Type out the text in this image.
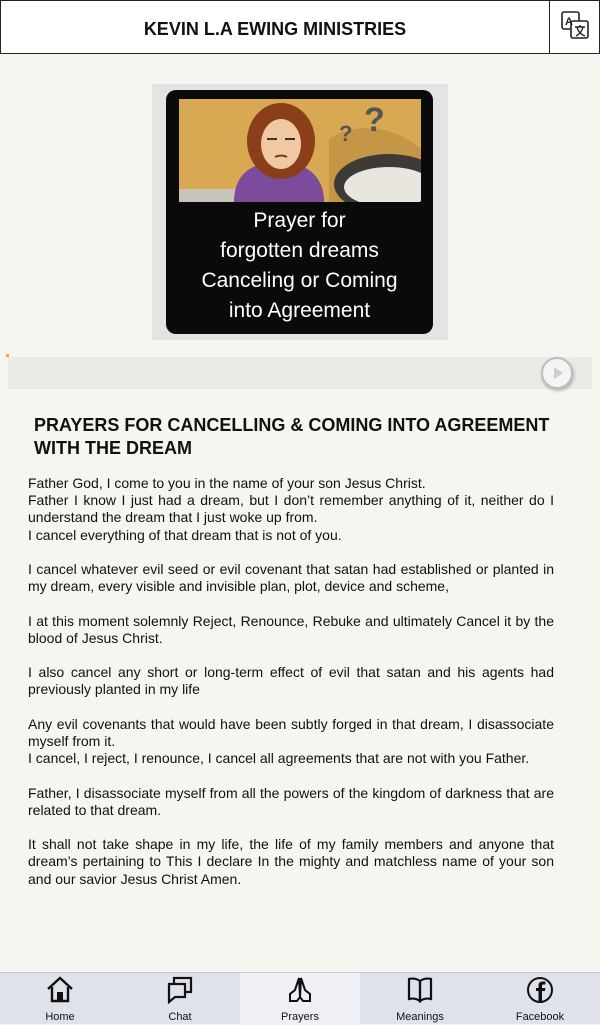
KEVIN L.A EWING MINISTRIES	A
?
?
Prayer for
forgotten dreams
Canceling or Coming
into Agreement
PRAYERS FOR CANCELLING & COMING INTO AGREEMENT
WITH THE DREAM

Father God, I come to you in the name of your son Jesus Christ.
Father I know I just had a dream, but I don’t remember anything of it, neither do I understand the dream that I just woke up from.
I cancel everything of that dream that is not of you.

I cancel whatever evil seed or evil covenant that satan had established or planted in my dream, every visible and invisible plan, plot, device and scheme,

I at this moment solemnly Reject, Renounce, Rebuke and ultimately Cancel it by the blood of Jesus Christ.

I also cancel any short or long-term effect of evil that satan and his agents had previously planted in my life

Any evil covenants that would have been subtly forged in that dream, I disassociate myself from it.
I cancel, I reject, I renounce, I cancel all agreements that are not with you Father.

Father, I disassociate myself from all the powers of the kingdom of darkness that are related to that dream.

It shall not take shape in my life, the life of my family members and anyone that dream’s pertaining to This I declare In the mighty and matchless name of your son and our savior Jesus Christ Amen.

Home	Chat	Prayers	Meanings	Facebook
